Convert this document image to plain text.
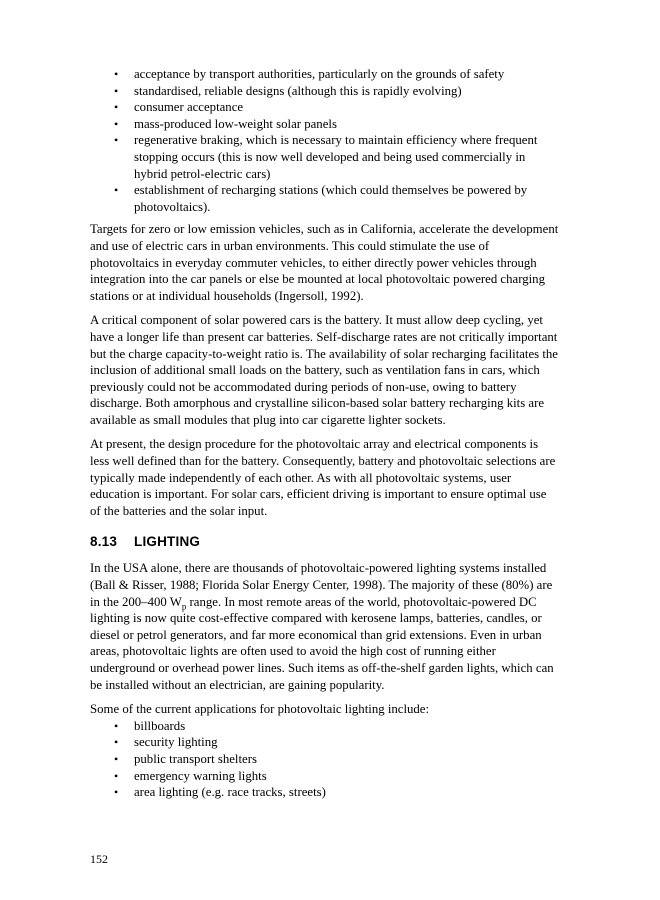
• acceptance by transport authorities, particularly on the grounds of safety
• standardised, reliable designs (although this is rapidly evolving)
• consumer acceptance
• mass-produced low-weight solar panels
• regenerative braking, which is necessary to maintain efficiency where frequent stopping occurs (this is now well developed and being used commercially in hybrid petrol-electric cars)
• establishment of recharging stations (which could themselves be powered by photovoltaics).

Targets for zero or low emission vehicles, such as in California, accelerate the development and use of electric cars in urban environments. This could stimulate the use of photovoltaics in everyday commuter vehicles, to either directly power vehicles through integration into the car panels or else be mounted at local photovoltaic powered charging stations or at individual households (Ingersoll, 1992).

A critical component of solar powered cars is the battery. It must allow deep cycling, yet have a longer life than present car batteries. Self-discharge rates are not critically important but the charge capacity-to-weight ratio is. The availability of solar recharging facilitates the inclusion of additional small loads on the battery, such as ventilation fans in cars, which previously could not be accommodated during periods of non-use, owing to battery discharge. Both amorphous and crystalline silicon-based solar battery recharging kits are available as small modules that plug into car cigarette lighter sockets.

At present, the design procedure for the photovoltaic array and electrical components is less well defined than for the battery. Consequently, battery and photovoltaic selections are typically made independently of each other. As with all photovoltaic systems, user education is important. For solar cars, efficient driving is important to ensure optimal use of the batteries and the solar input.

8.13 LIGHTING

In the USA alone, there are thousands of photovoltaic-powered lighting systems installed (Ball & Risser, 1988; Florida Solar Energy Center, 1998). The majority of these (80%) are in the 200–400 $W_p$ range. In most remote areas of the world, photovoltaic-powered DC lighting is now quite cost-effective compared with kerosene lamps, batteries, candles, or diesel or petrol generators, and far more economical than grid extensions. Even in urban areas, photovoltaic lights are often used to avoid the high cost of running either underground or overhead power lines. Such items as off-the-shelf garden lights, which can be installed without an electrician, are gaining popularity.

Some of the current applications for photovoltaic lighting include:

• billboards
• security lighting
• public transport shelters
• emergency warning lights
• area lighting (e.g. race tracks, streets)
152
